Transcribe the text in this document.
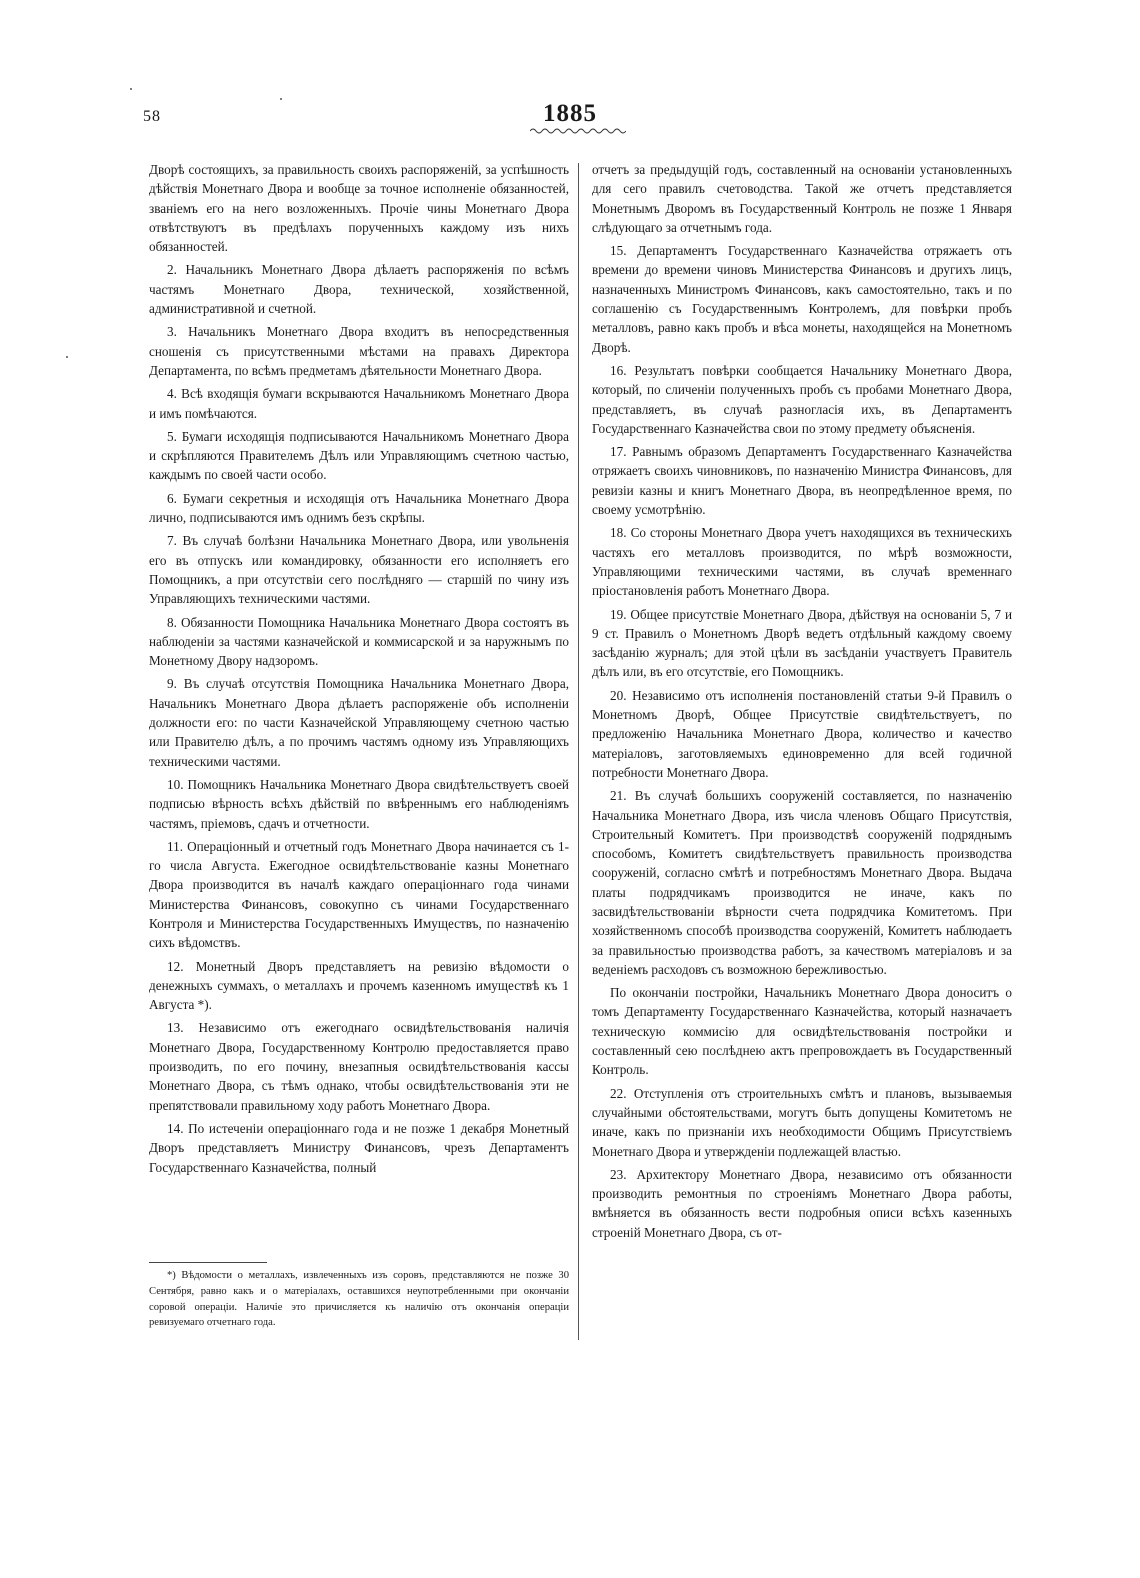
58	1885

Дворѣ состоящихъ, за правильность своихъ распоряженій, за успѣшность дѣйствія Монетнаго Двора и вообще за точное исполненіе обязанностей, званіемъ его на него возложенныхъ. Прочіе чины Монетнаго Двора отвѣтствуютъ въ предѣлахъ порученныхъ каждому изъ нихъ обязанностей.

2. Начальникъ Монетнаго Двора дѣлаетъ распоряженія по всѣмъ частямъ Монетнаго Двора, технической, хозяйственной, административной и счетной.

3. Начальникъ Монетнаго Двора входитъ въ непосредственныя сношенія съ присутственными мѣстами на правахъ Директора Департамента, по всѣмъ предметамъ дѣятельности Монетнаго Двора.

4. Всѣ входящія бумаги вскрываются Начальникомъ Монетнаго Двора и имъ помѣчаются.

5. Бумаги исходящія подписываются Начальникомъ Монетнаго Двора и скрѣпляются Правителемъ Дѣлъ или Управляющимъ счетною частью, каждымъ по своей части особо.

6. Бумаги секретныя и исходящія отъ Начальника Монетнаго Двора лично, подписываются имъ однимъ безъ скрѣпы.

7. Въ случаѣ болѣзни Начальника Монетнаго Двора, или увольненія его въ отпускъ или командировку, обязанности его исполняетъ его Помощникъ, а при отсутствіи сего послѣдняго — старшій по чину изъ Управляющихъ техническими частями.

8. Обязанности Помощника Начальника Монетнаго Двора состоятъ въ наблюденіи за частями казначейской и коммисарской и за наружнымъ по Монетному Двору надзоромъ.

9. Въ случаѣ отсутствія Помощника Начальника Монетнаго Двора, Начальникъ Монетнаго Двора дѣлаетъ распоряженіе объ исполненіи должности его: по части Казначейской Управляющему счетною частью или Правителю дѣлъ, а по прочимъ частямъ одному изъ Управляющихъ техническими частями.

10. Помощникъ Начальника Монетнаго Двора свидѣтельствуетъ своей подписью вѣрность всѣхъ дѣйствій по ввѣреннымъ его наблюденіямъ частямъ, пріемовъ, сдачъ и отчетности.

11. Операціонный и отчетный годъ Монетнаго Двора начинается съ 1-го числа Августа. Ежегодное освидѣтельствованіе казны Монетнаго Двора производится въ началѣ каждаго операціоннаго года чинами Министерства Финансовъ, совокупно съ чинами Государственнаго Контроля и Министерства Государственныхъ Имуществъ, по назначенію сихъ вѣдомствъ.

12. Монетный Дворъ представляетъ на ревизію вѣдомости о денежныхъ суммахъ, о металлахъ и прочемъ казенномъ имуществѣ къ 1 Августа *).

13. Независимо отъ ежегоднаго освидѣтельствованія наличія Монетнаго Двора, Государственному Контролю предоставляется право производить, по его почину, внезапныя освидѣтельствованія кассы Монетнаго Двора, съ тѣмъ однако, чтобы освидѣтельствованія эти не препятствовали правильному ходу работъ Монетнаго Двора.

14. По истеченіи операціоннаго года и не позже 1 декабря Монетный Дворъ представляетъ Министру Финансовъ, чрезъ Департаментъ Государственнаго Казначейства, полный

*) Вѣдомости о металлахъ, извлеченныхъ изъ соровъ, представляются не позже 30 Сентября, равно какъ и о матеріалахъ, оставшихся неупотребленными при окончаніи соровой операціи. Наличіе это причисляется къ наличію отъ окончанія операціи ревизуемаго отчетнаго года.

отчетъ за предыдущій годъ, составленный на основаніи установленныхъ для сего правилъ счетоводства. Такой же отчетъ представляется Монетнымъ Дворомъ въ Государственный Контроль не позже 1 Января слѣдующаго за отчетнымъ года.

15. Департаментъ Государственнаго Казначейства отряжаетъ отъ времени до времени чиновъ Министерства Финансовъ и другихъ лицъ, назначенныхъ Министромъ Финансовъ, какъ самостоятельно, такъ и по соглашенію съ Государственнымъ Контролемъ, для повѣрки пробъ металловъ, равно какъ пробъ и вѣса монеты, находящейся на Монетномъ Дворѣ.

16. Результатъ повѣрки сообщается Начальнику Монетнаго Двора, который, по сличеніи полученныхъ пробъ съ пробами Монетнаго Двора, представляетъ, въ случаѣ разногласія ихъ, въ Департаментъ Государственнаго Казначейства свои по этому предмету объясненія.

17. Равнымъ образомъ Департаментъ Государственнаго Казначейства отряжаетъ своихъ чиновниковъ, по назначенію Министра Финансовъ, для ревизіи казны и книгъ Монетнаго Двора, въ неопредѣленное время, по своему усмотрѣнію.

18. Со стороны Монетнаго Двора учетъ находящихся въ техническихъ частяхъ его металловъ производится, по мѣрѣ возможности, Управляющими техническими частями, въ случаѣ временнаго пріостановленія работъ Монетнаго Двора.

19. Общее присутствіе Монетнаго Двора, дѣйствуя на основаніи 5, 7 и 9 ст. Правилъ о Монетномъ Дворѣ ведетъ отдѣльный каждому своему засѣданію журналъ; для этой цѣли въ засѣданіи участвуетъ Правитель дѣлъ или, въ его отсутствіе, его Помощникъ.

20. Независимо отъ исполненія постановленій статьи 9-й Правилъ о Монетномъ Дворѣ, Общее Присутствіе свидѣтельствуетъ, по предложенію Начальника Монетнаго Двора, количество и качество матеріаловъ, заготовляемыхъ единовременно для всей годичной потребности Монетнаго Двора.

21. Въ случаѣ большихъ сооруженій составляется, по назначенію Начальника Монетнаго Двора, изъ числа членовъ Общаго Присутствія, Строительный Комитетъ. При производствѣ сооруженій подряднымъ способомъ, Комитетъ свидѣтельствуетъ правильность производства сооруженій, согласно смѣтѣ и потребностямъ Монетнаго Двора. Выдача платы подрядчикамъ производится не иначе, какъ по засвидѣтельствованіи вѣрности счета подрядчика Комитетомъ. При хозяйственномъ способѣ производства сооруженій, Комитетъ наблюдаетъ за правильностью производства работъ, за качествомъ матеріаловъ и за веденіемъ расходовъ съ возможною бережливостью.

По окончаніи постройки, Начальникъ Монетнаго Двора доноситъ о томъ Департаменту Государственнаго Казначейства, который назначаетъ техническую коммисію для освидѣтельствованія постройки и составленный сею послѣднею актъ препровождаетъ въ Государственный Контроль.

22. Отступленія отъ строительныхъ смѣтъ и плановъ, вызываемыя случайными обстоятельствами, могутъ быть допущены Комитетомъ не иначе, какъ по признаніи ихъ необходимости Общимъ Присутствіемъ Монетнаго Двора и утвержденіи подлежащей властью.

23. Архитектору Монетнаго Двора, независимо отъ обязанности производить ремонтныя по строеніямъ Монетнаго Двора работы, вмѣняется въ обязанность вести подробныя описи всѣхъ казенныхъ строеній Монетнаго Двора, съ от-
